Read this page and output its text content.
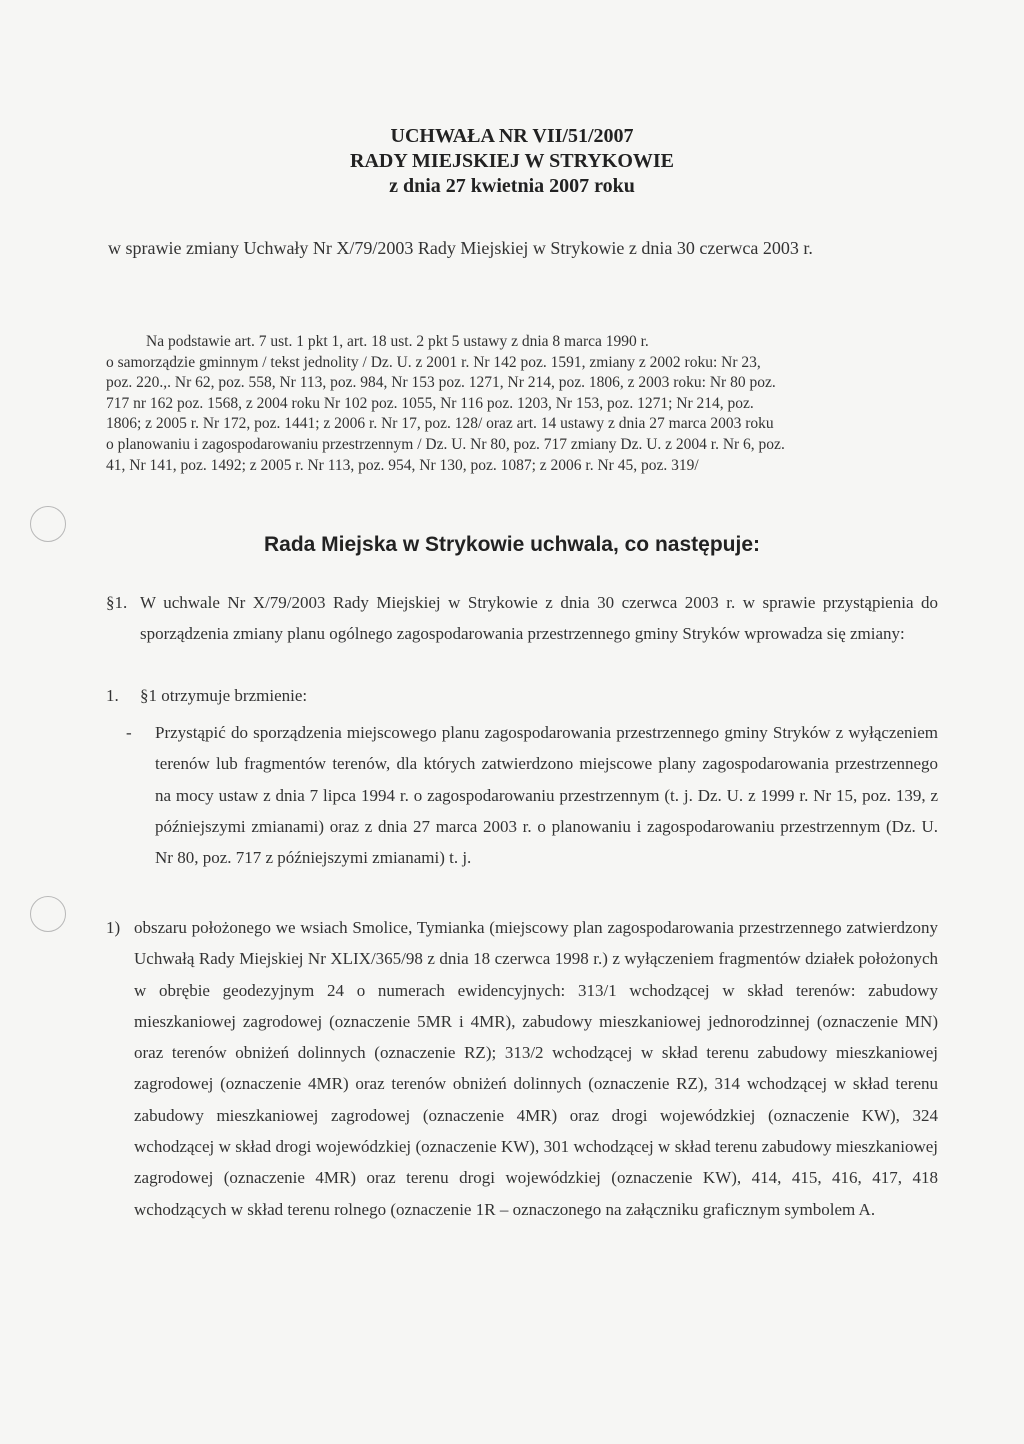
UCHWAŁA NR VII/51/2007
RADY MIEJSKIEJ W STRYKOWIE
z dnia 27 kwietnia 2007 roku
w sprawie zmiany Uchwały Nr X/79/2003 Rady Miejskiej w Strykowie z dnia 30 czerwca 2003 r.
Na podstawie art. 7 ust. 1 pkt 1, art. 18 ust. 2 pkt 5 ustawy z dnia 8 marca 1990 r.
o samorządzie gminnym / tekst jednolity / Dz. U. z 2001 r. Nr 142 poz. 1591, zmiany z 2002 roku: Nr 23,
poz. 220.,. Nr 62, poz. 558, Nr 113, poz. 984, Nr 153 poz. 1271, Nr 214, poz. 1806, z 2003 roku: Nr 80 poz.
717 nr 162 poz. 1568, z 2004 roku Nr 102 poz. 1055, Nr 116 poz. 1203, Nr 153, poz. 1271; Nr 214, poz.
1806; z 2005 r. Nr 172, poz. 1441; z 2006 r. Nr 17, poz. 128/ oraz art. 14 ustawy z dnia 27 marca 2003 roku
o planowaniu i zagospodarowaniu przestrzennym / Dz. U. Nr 80, poz. 717 zmiany Dz. U. z 2004 r. Nr 6, poz.
41, Nr 141, poz. 1492; z 2005 r. Nr 113, poz. 954, Nr 130, poz. 1087; z 2006 r. Nr 45, poz. 319/
Rada Miejska w Strykowie uchwala, co następuje:
§1. W uchwale Nr X/79/2003 Rady Miejskiej w Strykowie z dnia 30 czerwca 2003 r. w sprawie przystąpienia do sporządzenia zmiany planu ogólnego zagospodarowania przestrzennego gminy Stryków wprowadza się zmiany:
1. §1 otrzymuje brzmienie:
- Przystąpić do sporządzenia miejscowego planu zagospodarowania przestrzennego gminy Stryków z wyłączeniem terenów lub fragmentów terenów, dla których zatwierdzono miejscowe plany zagospodarowania przestrzennego na mocy ustaw z dnia 7 lipca 1994 r. o zagospodarowaniu przestrzennym (t. j. Dz. U. z 1999 r. Nr 15, poz. 139, z późniejszymi zmianami) oraz z dnia 27 marca 2003 r. o planowaniu i zagospodarowaniu przestrzennym (Dz. U. Nr 80, poz. 717 z późniejszymi zmianami) t. j.
1) obszaru położonego we wsiach Smolice, Tymianka (miejscowy plan zagospodarowania przestrzennego zatwierdzony Uchwałą Rady Miejskiej Nr XLIX/365/98 z dnia 18 czerwca 1998 r.) z wyłączeniem fragmentów działek położonych w obrębie geodezyjnym 24 o numerach ewidencyjnych: 313/1 wchodzącej w skład terenów: zabudowy mieszkaniowej zagrodowej (oznaczenie 5MR i 4MR), zabudowy mieszkaniowej jednorodzinnej (oznaczenie MN) oraz terenów obniżeń dolinnych (oznaczenie RZ); 313/2 wchodzącej w skład terenu zabudowy mieszkaniowej zagrodowej (oznaczenie 4MR) oraz terenów obniżeń dolinnych (oznaczenie RZ), 314 wchodzącej w skład terenu zabudowy mieszkaniowej zagrodowej (oznaczenie 4MR) oraz drogi wojewódzkiej (oznaczenie KW), 324 wchodzącej w skład drogi wojewódzkiej (oznaczenie KW), 301 wchodzącej w skład terenu zabudowy mieszkaniowej zagrodowej (oznaczenie 4MR) oraz terenu drogi wojewódzkiej (oznaczenie KW), 414, 415, 416, 417, 418 wchodzących w skład terenu rolnego (oznaczenie 1R – oznaczonego na załączniku graficznym symbolem A.
